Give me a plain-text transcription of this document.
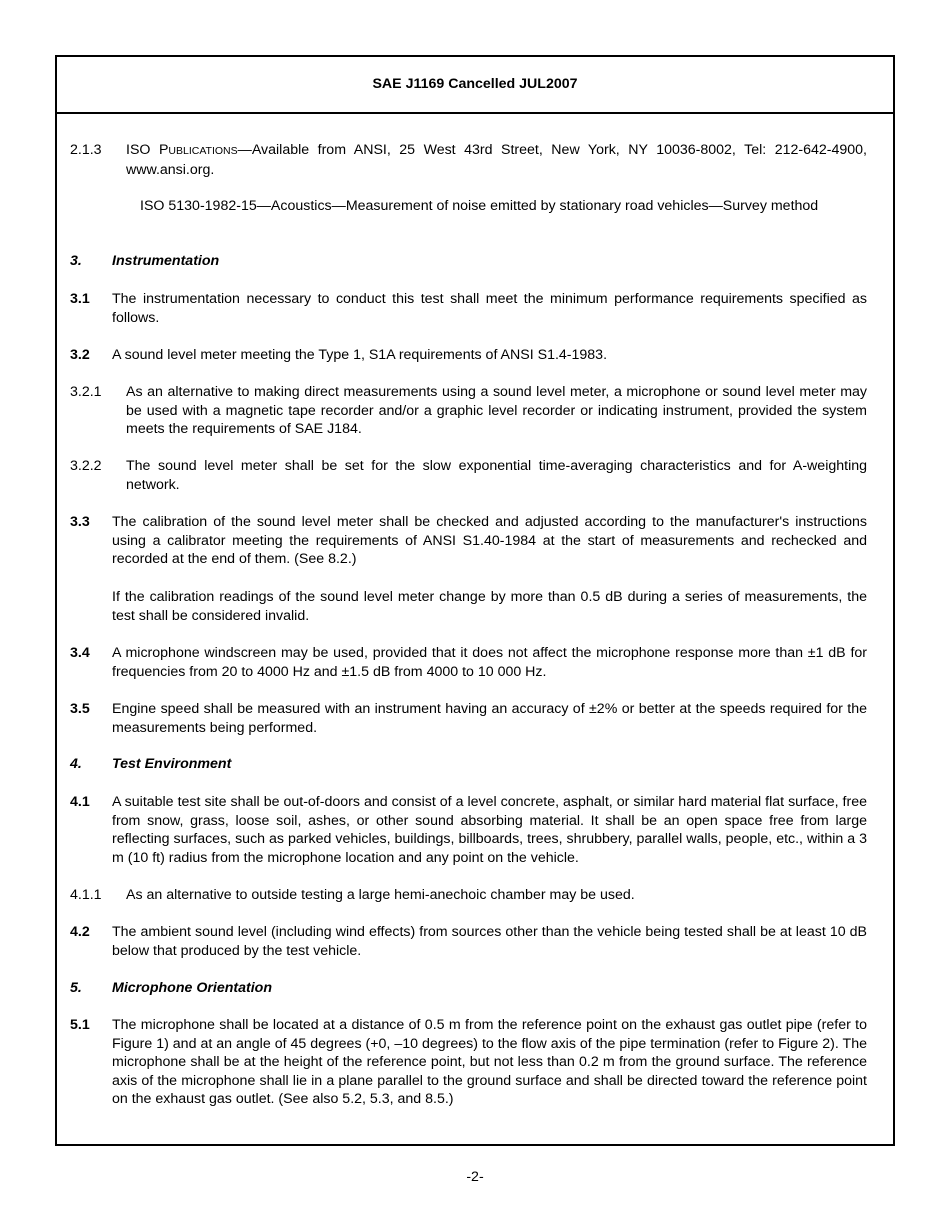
SAE J1169 Cancelled JUL2007
2.1.3 ISO PUBLICATIONS—Available from ANSI, 25 West 43rd Street, New York, NY 10036-8002, Tel: 212-642-4900, www.ansi.org.
ISO 5130-1982-15—Acoustics—Measurement of noise emitted by stationary road vehicles—Survey method
3. Instrumentation
3.1 The instrumentation necessary to conduct this test shall meet the minimum performance requirements specified as follows.
3.2 A sound level meter meeting the Type 1, S1A requirements of ANSI S1.4-1983.
3.2.1 As an alternative to making direct measurements using a sound level meter, a microphone or sound level meter may be used with a magnetic tape recorder and/or a graphic level recorder or indicating instrument, provided the system meets the requirements of SAE J184.
3.2.2 The sound level meter shall be set for the slow exponential time-averaging characteristics and for A-weighting network.
3.3 The calibration of the sound level meter shall be checked and adjusted according to the manufacturer's instructions using a calibrator meeting the requirements of ANSI S1.40-1984 at the start of measurements and rechecked and recorded at the end of them. (See 8.2.)
If the calibration readings of the sound level meter change by more than 0.5 dB during a series of measurements, the test shall be considered invalid.
3.4 A microphone windscreen may be used, provided that it does not affect the microphone response more than ±1 dB for frequencies from 20 to 4000 Hz and ±1.5 dB from 4000 to 10 000 Hz.
3.5 Engine speed shall be measured with an instrument having an accuracy of ±2% or better at the speeds required for the measurements being performed.
4. Test Environment
4.1 A suitable test site shall be out-of-doors and consist of a level concrete, asphalt, or similar hard material flat surface, free from snow, grass, loose soil, ashes, or other sound absorbing material. It shall be an open space free from large reflecting surfaces, such as parked vehicles, buildings, billboards, trees, shrubbery, parallel walls, people, etc., within a 3 m (10 ft) radius from the microphone location and any point on the vehicle.
4.1.1 As an alternative to outside testing a large hemi-anechoic chamber may be used.
4.2 The ambient sound level (including wind effects) from sources other than the vehicle being tested shall be at least 10 dB below that produced by the test vehicle.
5. Microphone Orientation
5.1 The microphone shall be located at a distance of 0.5 m from the reference point on the exhaust gas outlet pipe (refer to Figure 1) and at an angle of 45 degrees (+0, –10 degrees) to the flow axis of the pipe termination (refer to Figure 2). The microphone shall be at the height of the reference point, but not less than 0.2 m from the ground surface. The reference axis of the microphone shall lie in a plane parallel to the ground surface and shall be directed toward the reference point on the exhaust gas outlet. (See also 5.2, 5.3, and 8.5.)
-2-
